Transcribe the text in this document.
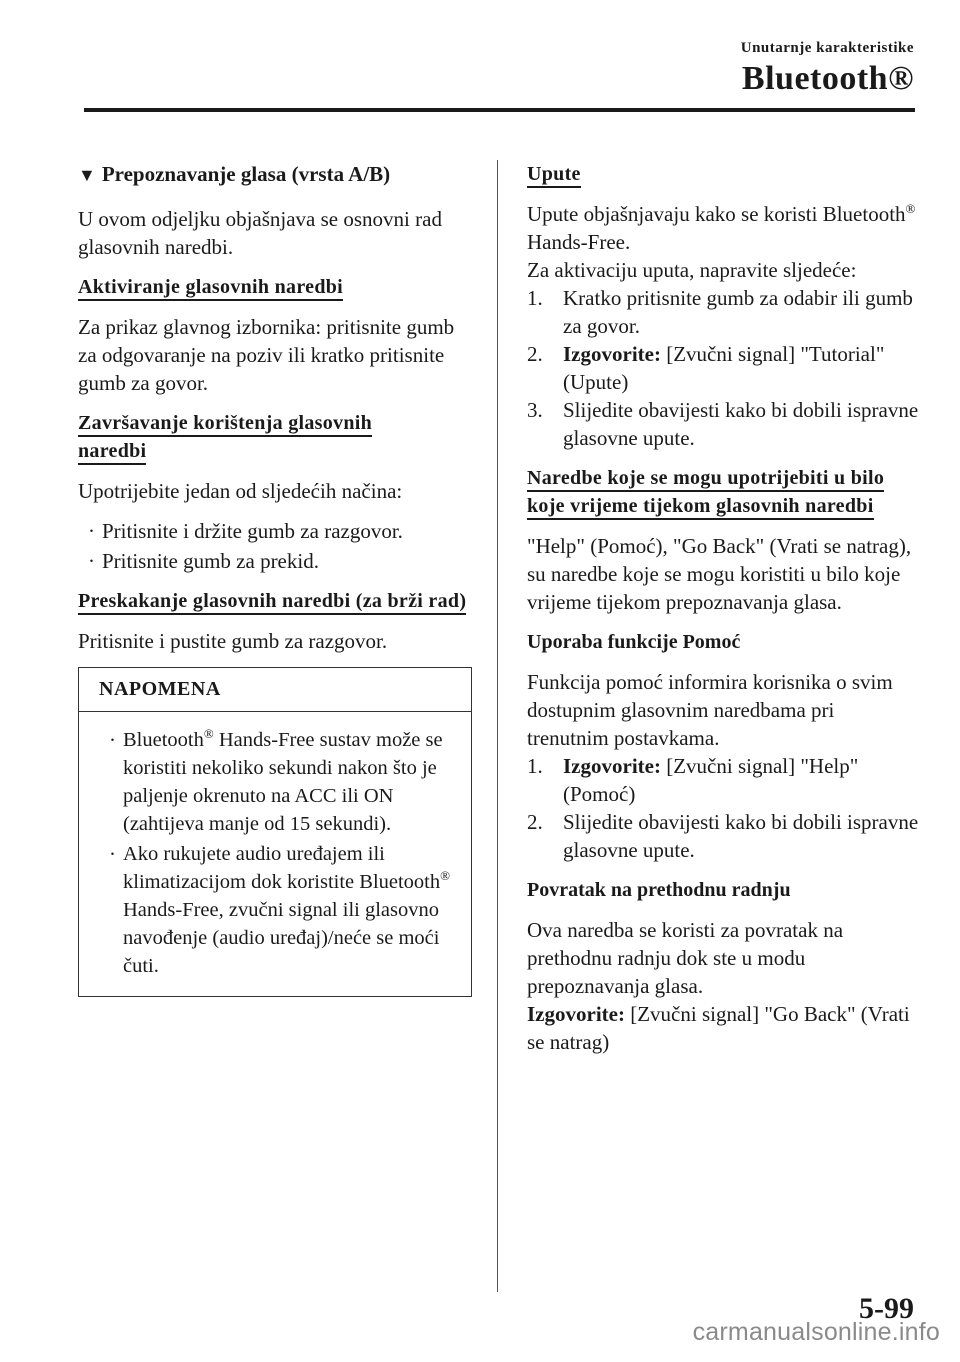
Unutarnje karakteristike
Bluetooth®
▼ Prepoznavanje glasa (vrsta A/B)

U ovom odjeljku objašnjava se osnovni rad glasovnih naredbi.

Aktiviranje glasovnih naredbi

Za prikaz glavnog izbornika: pritisnite gumb za odgovaranje na poziv ili kratko pritisnite gumb za govor.

Završavanje korištenja glasovnih naredbi

Upotrijebite jedan od sljedećih načina:

· Pritisnite i držite gumb za razgovor.
· Pritisnite gumb za prekid.
Preskakanje glasovnih naredbi (za brži rad)

Pritisnite i pustite gumb za razgovor.

NAPOMENA
· Bluetooth® Hands-Free sustav može se koristiti nekoliko sekundi nakon što je paljenje okrenuto na ACC ili ON (zahtijeva manje od 15 sekundi).
· Ako rukujete audio uređajem ili klimatizacijom dok koristite Bluetooth® Hands-Free, zvučni signal ili glasovno navođenje (audio uređaj)/neće se moći čuti.
Upute

Upute objašnjavaju kako se koristi Bluetooth® Hands-Free.

Za aktivaciju uputa, napravite sljedeće:

1. Kratko pritisnite gumb za odabir ili gumb za govor.
2. Izgovorite: [Zvučni signal] "Tutorial" (Upute)
3. Slijedite obavijesti kako bi dobili ispravne glasovne upute.
Naredbe koje se mogu upotrijebiti u bilo koje vrijeme tijekom glasovnih naredbi

"Help" (Pomoć), "Go Back" (Vrati se natrag), su naredbe koje se mogu koristiti u bilo koje vrijeme tijekom prepoznavanja glasa.

Uporaba funkcije Pomoć

Funkcija pomoć informira korisnika o svim dostupnim glasovnim naredbama pri trenutnim postavkama.

1. Izgovorite: [Zvučni signal] "Help" (Pomoć)
2. Slijedite obavijesti kako bi dobili ispravne glasovne upute.
Povratak na prethodnu radnju

Ova naredba se koristi za povratak na prethodnu radnju dok ste u modu prepoznavanja glasa.

Izgovorite: [Zvučni signal] "Go Back" (Vrati se natrag)

5-99
carmanualsonline.info
